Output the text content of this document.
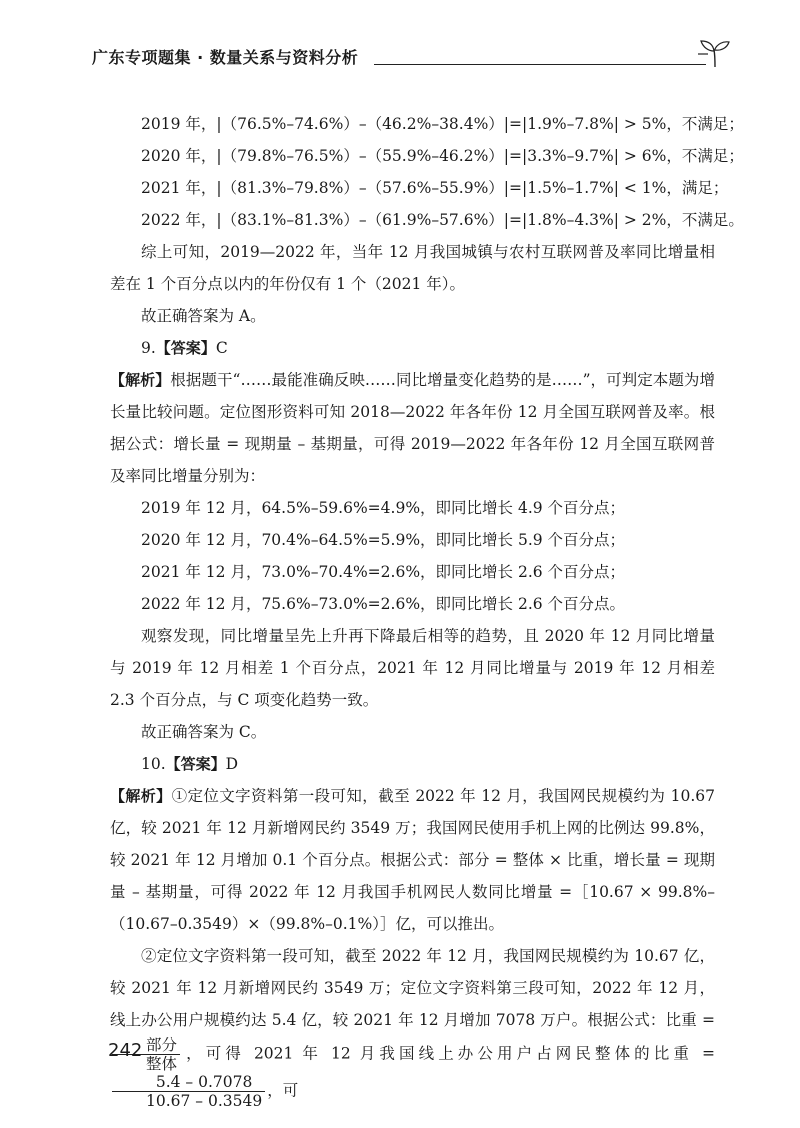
广东专项题集 · 数量关系与资料分析

2019 年，|（76.5%–74.6%）–（46.2%–38.4%）|=|1.9%–7.8%| > 5%，不满足；

2020 年，|（79.8%–76.5%）–（55.9%–46.2%）|=|3.3%–9.7%| > 6%，不满足；

2021 年，|（81.3%–79.8%）–（57.6%–55.9%）|=|1.5%–1.7%| < 1%，满足；

2022 年，|（83.1%–81.3%）–（61.9%–57.6%）|=|1.8%–4.3%| > 2%，不满足。

综上可知，2019—2022 年，当年 12 月我国城镇与农村互联网普及率同比增量相差在 1 个百分点以内的年份仅有 1 个（2021 年）。

故正确答案为 A。

9.【答案】C

【解析】根据题干“……最能准确反映……同比增量变化趋势的是……”，可判定本题为增长量比较问题。定位图形资料可知 2018—2022 年各年份 12 月全国互联网普及率。根据公式：增长量 = 现期量 – 基期量，可得 2019—2022 年各年份 12 月全国互联网普及率同比增量分别为：

2019 年 12 月，64.5%–59.6%=4.9%，即同比增长 4.9 个百分点；

2020 年 12 月，70.4%–64.5%=5.9%，即同比增长 5.9 个百分点；

2021 年 12 月，73.0%–70.4%=2.6%，即同比增长 2.6 个百分点；

2022 年 12 月，75.6%–73.0%=2.6%，即同比增长 2.6 个百分点。

观察发现，同比增量呈先上升再下降最后相等的趋势，且 2020 年 12 月同比增量与 2019 年 12 月相差 1 个百分点，2021 年 12 月同比增量与 2019 年 12 月相差 2.3 个百分点，与 C 项变化趋势一致。

故正确答案为 C。

10.【答案】D

【解析】①定位文字资料第一段可知，截至 2022 年 12 月，我国网民规模约为 10.67 亿，较 2021 年 12 月新增网民约 3549 万；我国网民使用手机上网的比例达 99.8%，较 2021 年 12 月增加 0.1 个百分点。根据公式：部分 = 整体 × 比重，增长量 = 现期量 – 基期量，可得 2022 年 12 月我国手机网民人数同比增量 =［10.67 × 99.8%–（10.67–0.3549）×（99.8%–0.1%）］亿，可以推出。

②定位文字资料第一段可知，截至 2022 年 12 月，我国网民规模约为 10.67 亿，较 2021 年 12 月新增网民约 3549 万；定位文字资料第三段可知，2022 年 12 月，线上办公用户规模约达 5.4 亿，较 2021 年 12 月增加 7078 万户。根据公式：比重 =
$\frac{\text{部分}}{\text{整体}}$ ，可得 2021 年 12 月我国线上办公用户占网民整体的比重 =
$\frac{5.4 - 0.7078}{10.67 - 0.3549}$ ，可

242
